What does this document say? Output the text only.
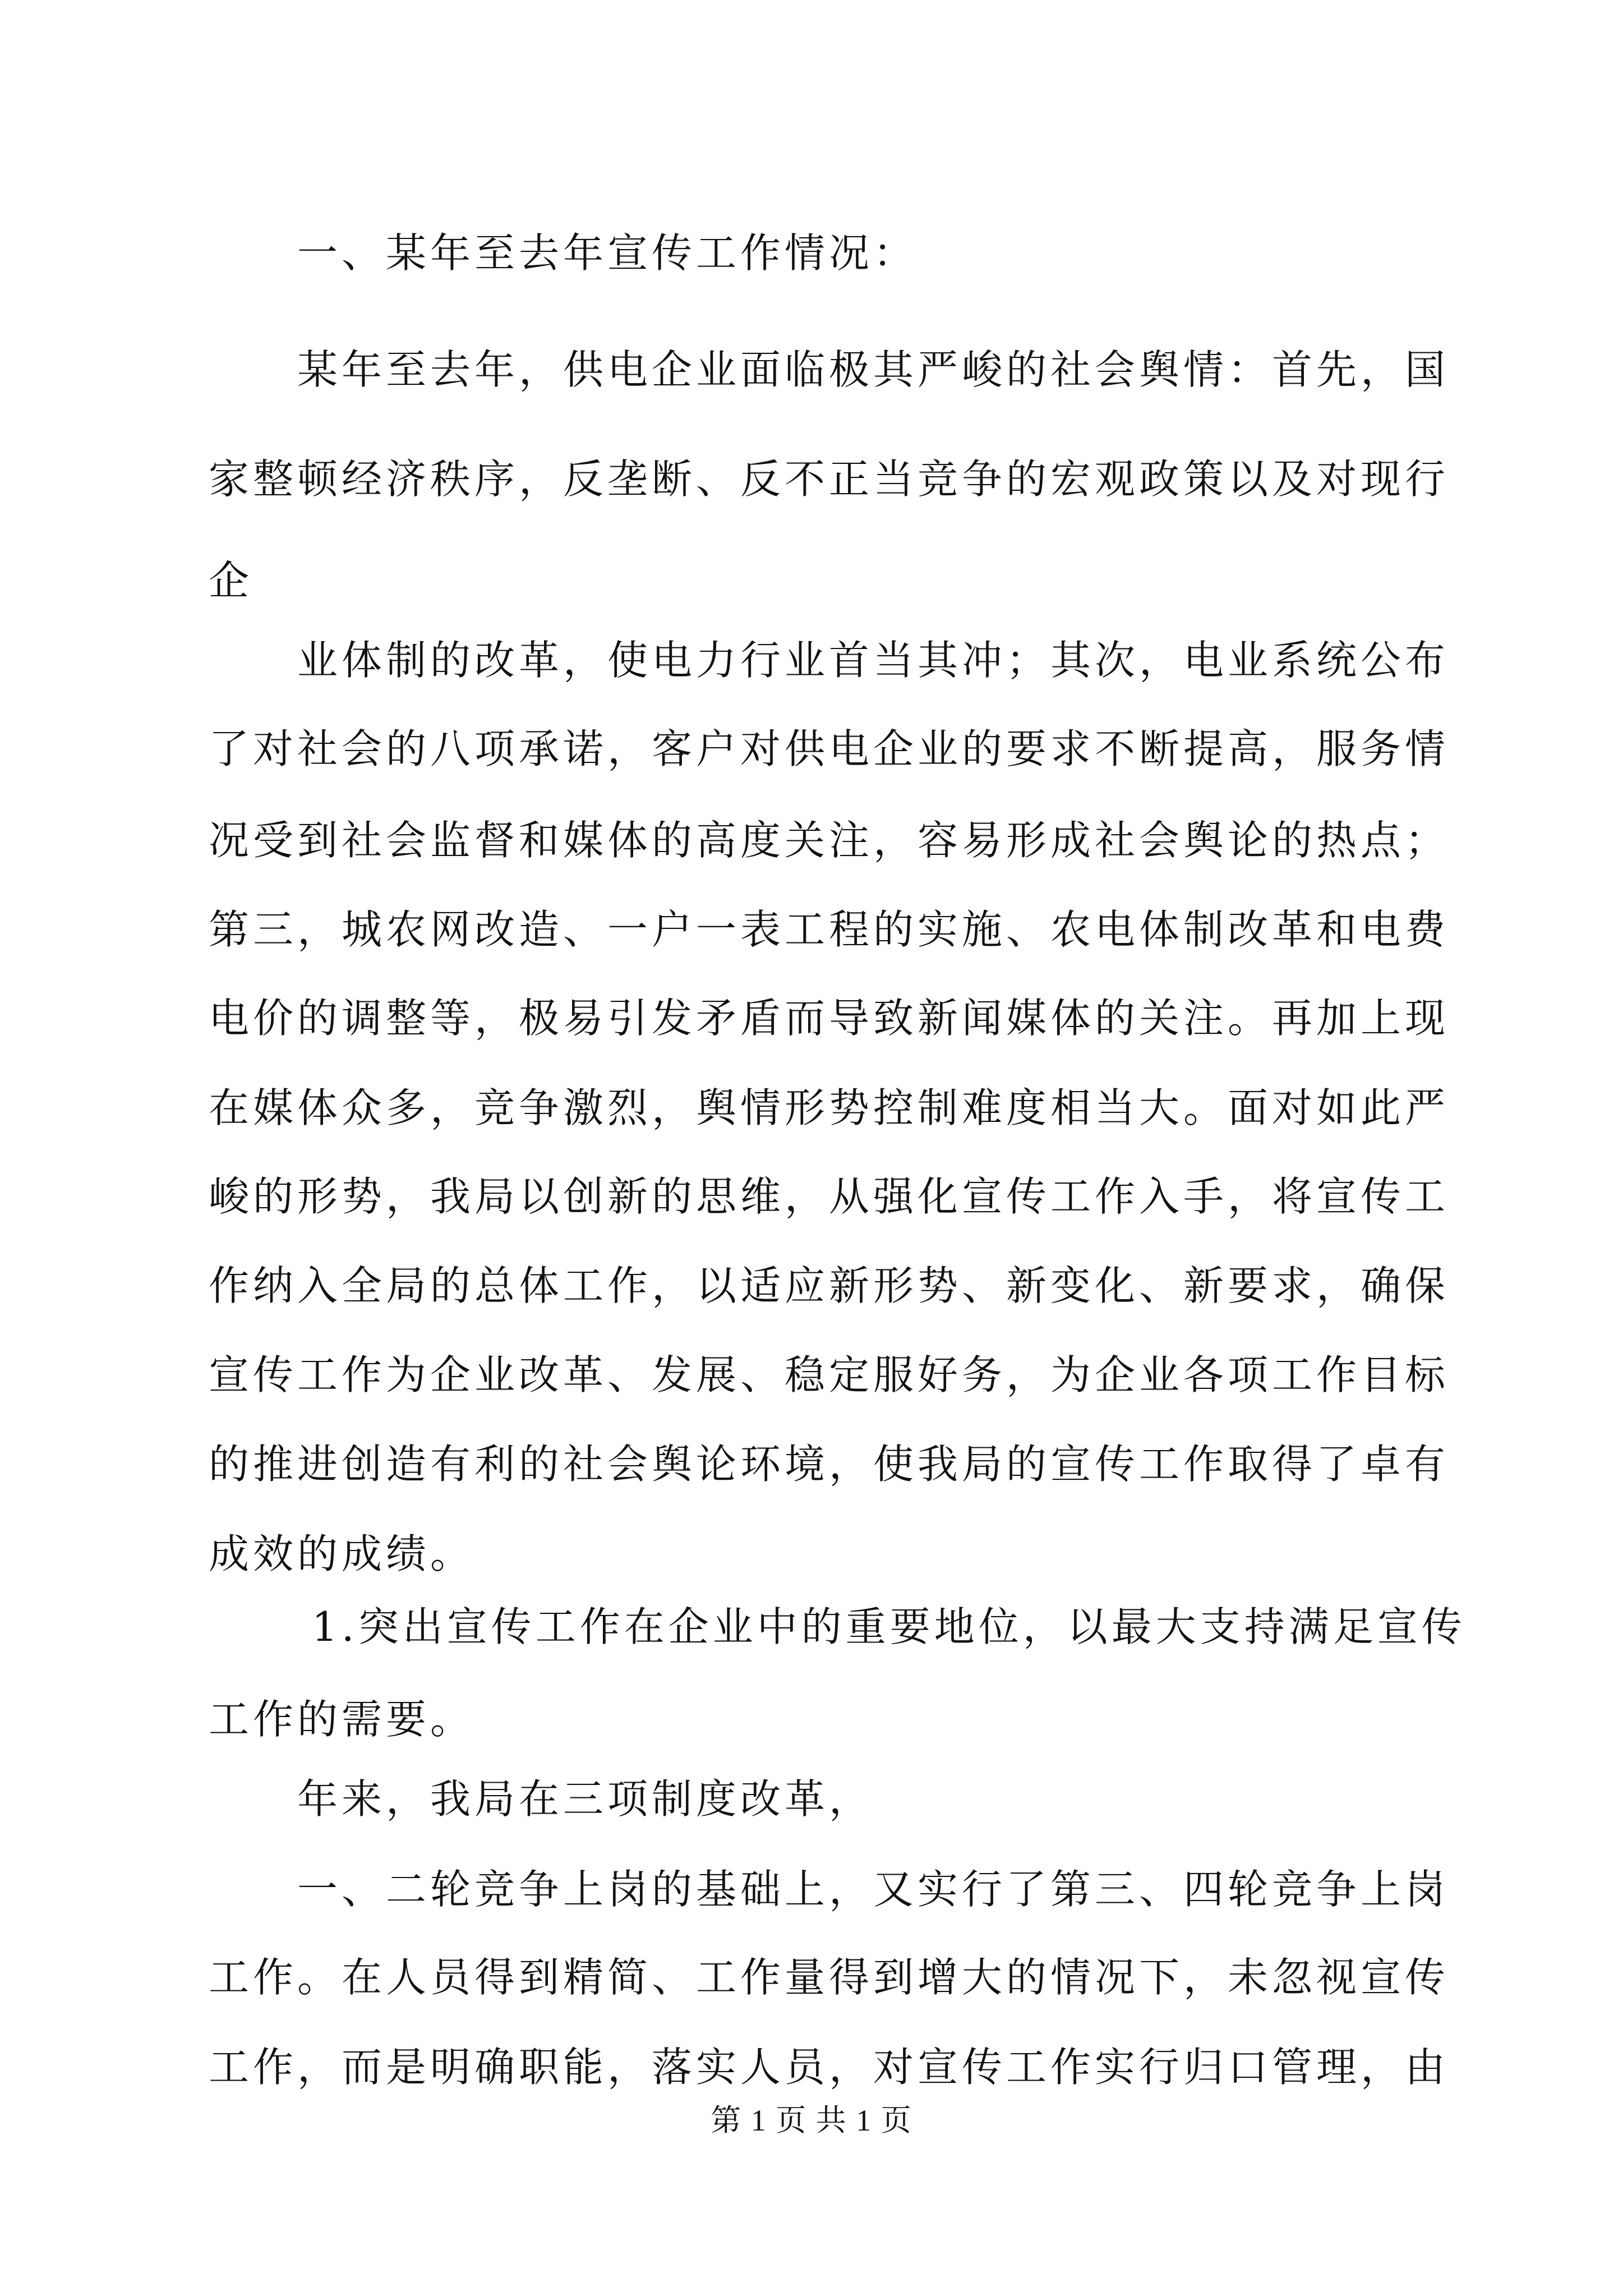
一、某年至去年宣传工作情况：
某年至去年，供电企业面临极其严峻的社会舆情：首先，国
家整顿经济秩序，反垄断、反不正当竞争的宏观政策以及对现行
企
业体制的改革，使电力行业首当其冲；其次，电业系统公布
了对社会的八项承诺，客户对供电企业的要求不断提高，服务情
况受到社会监督和媒体的高度关注，容易形成社会舆论的热点；
第三，城农网改造、一户一表工程的实施、农电体制改革和电费
电价的调整等，极易引发矛盾而导致新闻媒体的关注。再加上现
在媒体众多，竞争激烈，舆情形势控制难度相当大。面对如此严
峻的形势，我局以创新的思维，从强化宣传工作入手，将宣传工
作纳入全局的总体工作，以适应新形势、新变化、新要求，确保
宣传工作为企业改革、发展、稳定服好务，为企业各项工作目标
的推进创造有利的社会舆论环境，使我局的宣传工作取得了卓有
成效的成绩。
1.突出宣传工作在企业中的重要地位，以最大支持满足宣传
工作的需要。
年来，我局在三项制度改革，
一、二轮竞争上岗的基础上，又实行了第三、四轮竞争上岗
工作。在人员得到精简、工作量得到增大的情况下，未忽视宣传
工作，而是明确职能，落实人员，对宣传工作实行归口管理，由
第 1 页 共 1 页
